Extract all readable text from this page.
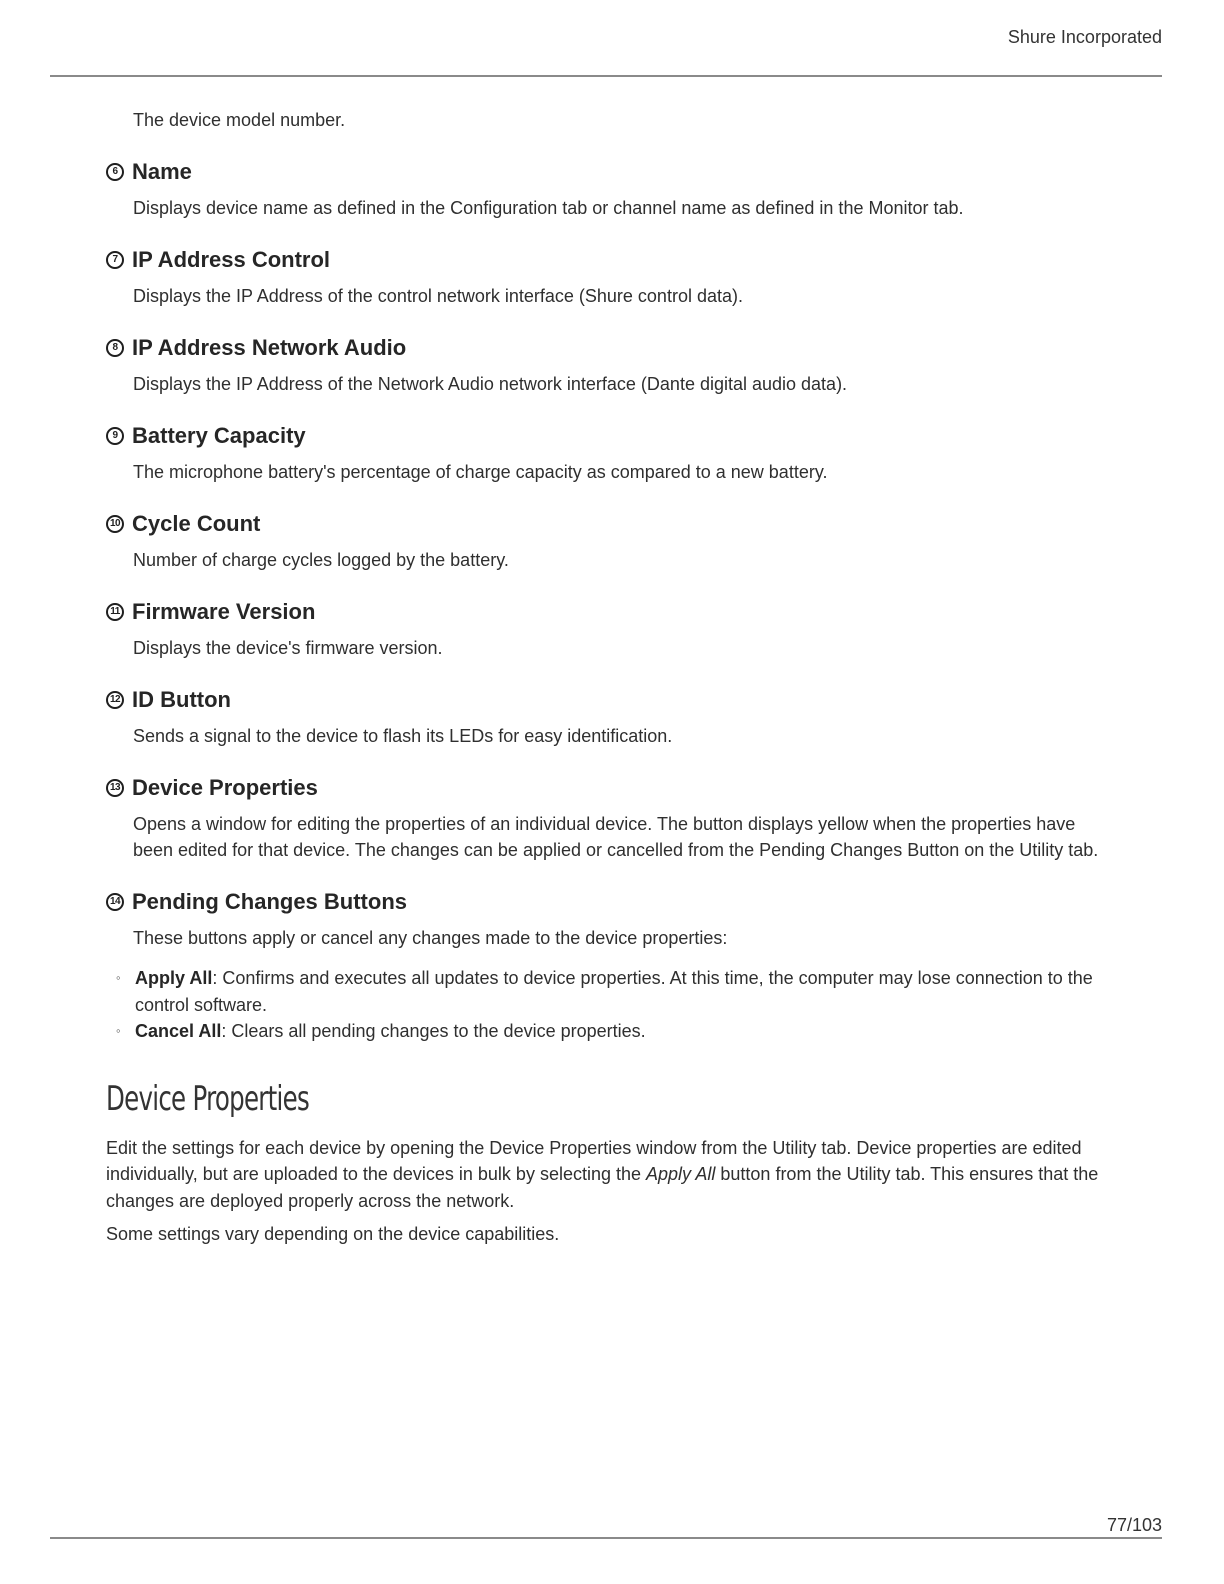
Shure Incorporated

The device model number.

6 Name

Displays device name as defined in the Configuration tab or channel name as defined in the Monitor tab.

7 IP Address Control

Displays the IP Address of the control network interface (Shure control data).

8 IP Address Network Audio

Displays the IP Address of the Network Audio network interface (Dante digital audio data).

9 Battery Capacity

The microphone battery's percentage of charge capacity as compared to a new battery.

10 Cycle Count

Number of charge cycles logged by the battery.

11 Firmware Version

Displays the device's firmware version.

12 ID Button

Sends a signal to the device to flash its LEDs for easy identification.

13 Device Properties

Opens a window for editing the properties of an individual device. The button displays yellow when the properties have been edited for that device. The changes can be applied or cancelled from the Pending Changes Button on the Utility tab.

14 Pending Changes Buttons

These buttons apply or cancel any changes made to the device properties:

◦ Apply All: Confirms and executes all updates to device properties. At this time, the computer may lose connection to the control software.
◦ Cancel All: Clears all pending changes to the device properties.
Device Properties

Edit the settings for each device by opening the Device Properties window from the Utility tab. Device properties are edited individually, but are uploaded to the devices in bulk by selecting the Apply All button from the Utility tab. This ensures that the changes are deployed properly across the network.

Some settings vary depending on the device capabilities.

77/103
